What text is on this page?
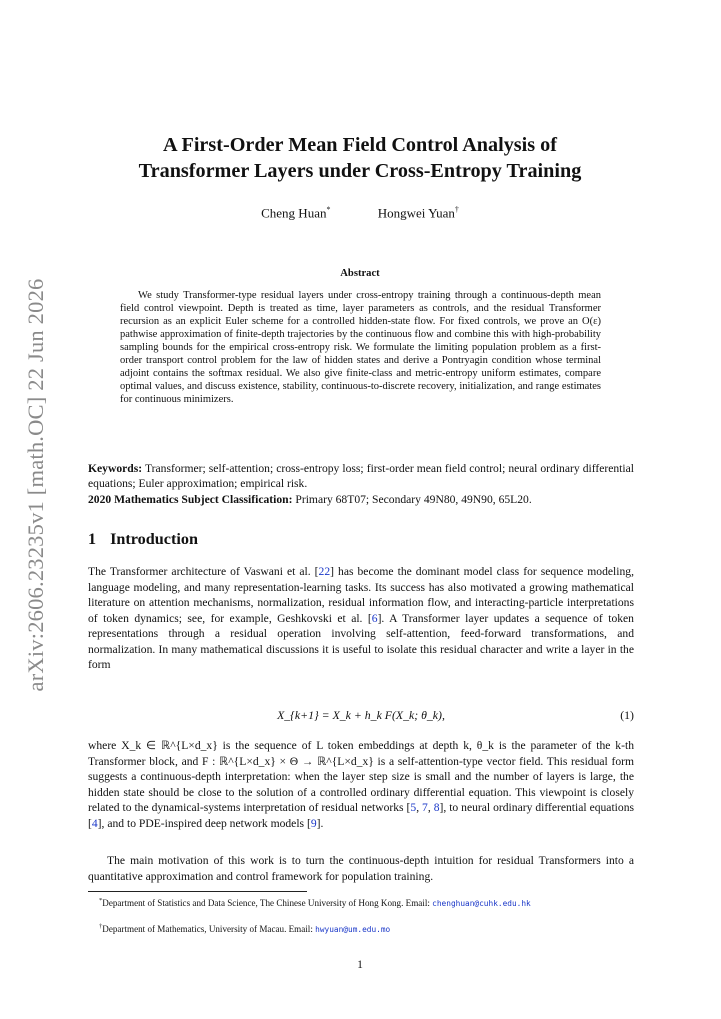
arXiv:2606.23235v1 [math.OC] 22 Jun 2026
A First-Order Mean Field Control Analysis of
Transformer Layers under Cross-Entropy Training
Cheng Huan*	Hongwei Yuan†
Abstract
We study Transformer-type residual layers under cross-entropy training through a continuous-depth mean field control viewpoint. Depth is treated as time, layer parameters as controls, and the residual Transformer recursion as an explicit Euler scheme for a controlled hidden-state flow. For fixed controls, we prove an O(ε) pathwise approximation of finite-depth trajectories by the continuous flow and combine this with high-probability sampling bounds for the empirical cross-entropy risk. We formulate the limiting population problem as a first-order transport control problem for the law of hidden states and derive a Pontryagin condition whose terminal adjoint contains the softmax residual. We also give finite-class and metric-entropy uniform estimates, compare optimal values, and discuss existence, stability, continuous-to-discrete recovery, initialization, and range estimates for continuous minimizers.
Keywords: Transformer; self-attention; cross-entropy loss; first-order mean field control; neural ordinary differential equations; Euler approximation; empirical risk.
2020 Mathematics Subject Classification: Primary 68T07; Secondary 49N80, 49N90, 65L20.
1 Introduction
The Transformer architecture of Vaswani et al. [22] has become the dominant model class for sequence modeling, language modeling, and many representation-learning tasks. Its success has also motivated a growing mathematical literature on attention mechanisms, normalization, residual information flow, and interacting-particle interpretations of token dynamics; see, for example, Geshkovski et al. [6]. A Transformer layer updates a sequence of token representations through a residual operation involving self-attention, feed-forward transformations, and normalization. In many mathematical discussions it is useful to isolate this residual character and write a layer in the form
X_{k+1} = X_k + h_k F(X_k; θ_k),	(1)
where X_k ∈ ℝ^{L×d_x} is the sequence of L token embeddings at depth k, θ_k is the parameter of the k-th Transformer block, and F : ℝ^{L×d_x} × Θ → ℝ^{L×d_x} is a self-attention-type vector field. This residual form suggests a continuous-depth interpretation: when the layer step size is small and the number of layers is large, the hidden state should be close to the solution of a controlled ordinary differential equation. This viewpoint is closely related to the dynamical-systems interpretation of residual networks [5, 7, 8], to neural ordinary differential equations [4], and to PDE-inspired deep network models [9].
The main motivation of this work is to turn the continuous-depth intuition for residual Transformers into a quantitative approximation and control framework for population training.
*Department of Statistics and Data Science, The Chinese University of Hong Kong. Email: chenghuan@cuhk.edu.hk
†Department of Mathematics, University of Macau. Email: hwyuan@um.edu.mo
1
